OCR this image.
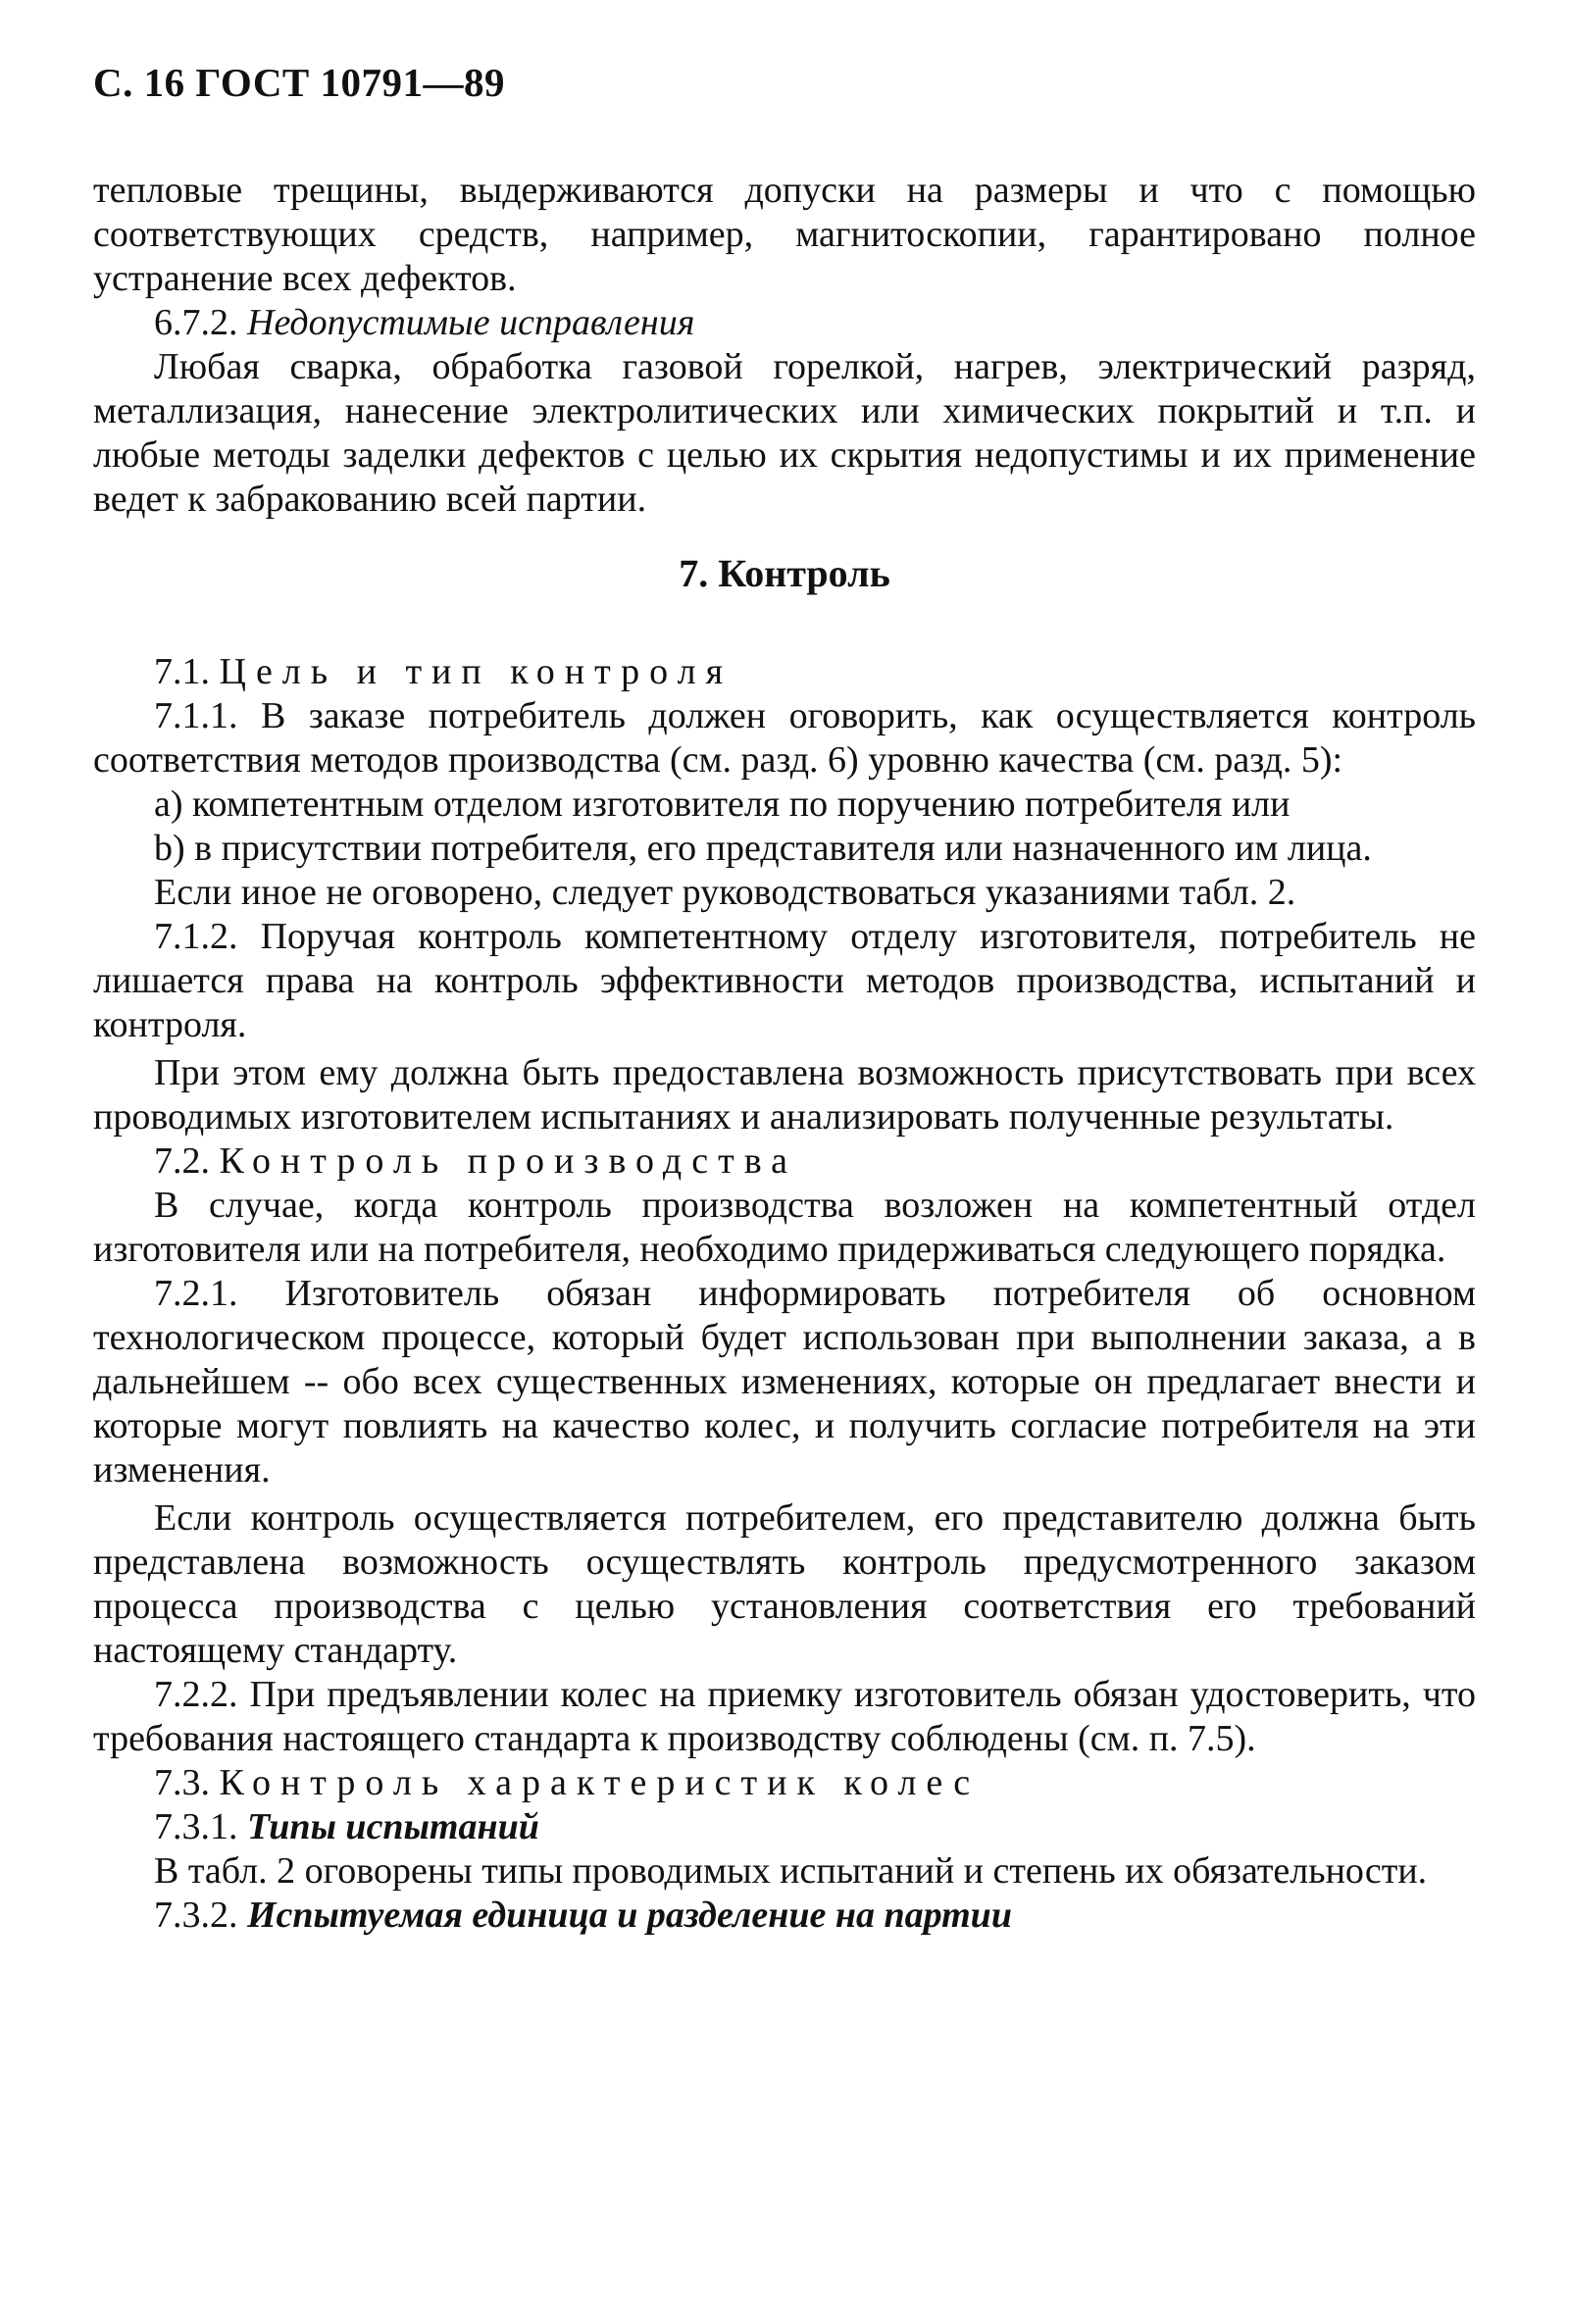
С. 16 ГОСТ 10791—89

тепловые трещины, выдерживаются допуски на размеры и что с помощью соответствующих средств, например, магнитоскопии, гарантировано полное устранение всех дефектов.

6.7.2. Недопустимые исправления

Любая сварка, обработка газовой горелкой, нагрев, электрический разряд, металлизация, нанесение электролитических или химических покрытий и т.п. и любые методы заделки дефектов с целью их скрытия недопустимы и их применение ведет к забракованию всей партии.

7. Контроль

7.1. Цель и тип контроля

7.1.1. В заказе потребитель должен оговорить, как осуществляется контроль соответствия методов производства (см. разд. 6) уровню качества (см. разд. 5):

а) компетентным отделом изготовителя по поручению потребителя или

b) в присутствии потребителя, его представителя или назначенного им лица.

Если иное не оговорено, следует руководствоваться указаниями табл. 2.

7.1.2. Поручая контроль компетентному отделу изготовителя, потребитель не лишается права на контроль эффективности методов производства, испытаний и контроля.

При этом ему должна быть предоставлена возможность присутствовать при всех проводимых изготовителем испытаниях и анализировать полученные результаты.

7.2. Контроль производства

В случае, когда контроль производства возложен на компетентный отдел изготовителя или на потребителя, необходимо придерживаться следующего порядка.

7.2.1. Изготовитель обязан информировать потребителя об основном технологическом процессе, который будет использован при выполнении заказа, а в дальнейшем -- обо всех существенных изменениях, которые он предлагает внести и которые могут повлиять на качество колес, и получить согласие потребителя на эти изменения.

Если контроль осуществляется потребителем, его представителю должна быть представлена возможность осуществлять контроль предусмотренного заказом процесса производства с целью установления соответствия его требований настоящему стандарту.

7.2.2. При предъявлении колес на приемку изготовитель обязан удостоверить, что требования настоящего стандарта к производству соблюдены (см. п. 7.5).

7.3. Контроль характеристик колес

7.3.1. Типы испытаний

В табл. 2 оговорены типы проводимых испытаний и степень их обязательности.

7.3.2. Испытуемая единица и разделение на партии
